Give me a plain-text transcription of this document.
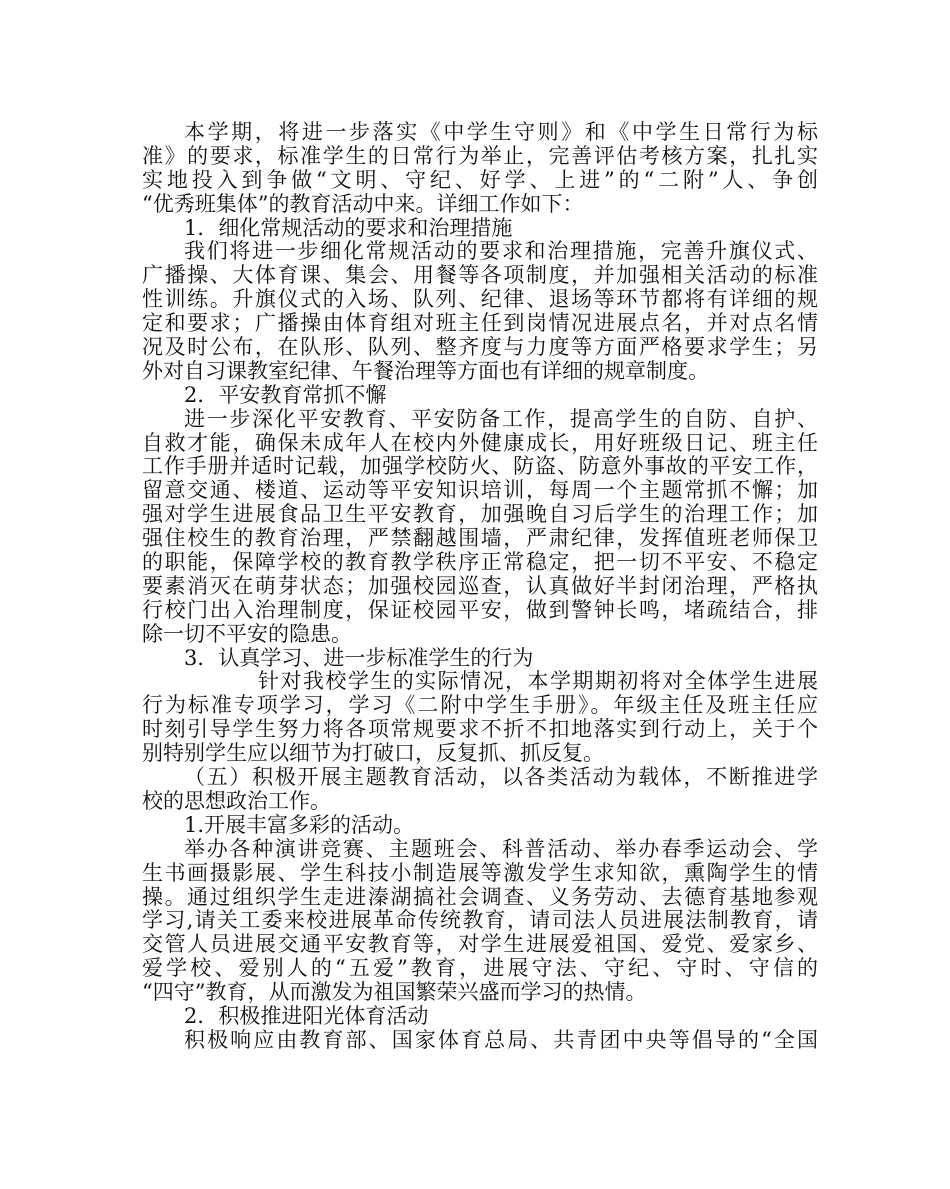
本学期，将进一步落实《中学生守则》和《中学生日常行为标
准》的要求，标准学生的日常行为举止，完善评估考核方案，扎扎实
实地投入到争做“文明、守纪、好学、上进”的“二附”人、争创
“优秀班集体”的教育活动中来。详细工作如下：
1．细化常规活动的要求和治理措施
我们将进一步细化常规活动的要求和治理措施，完善升旗仪式、
广播操、大体育课、集会、用餐等各项制度，并加强相关活动的标准
性训练。升旗仪式的入场、队列、纪律、退场等环节都将有详细的规
定和要求；广播操由体育组对班主任到岗情况进展点名，并对点名情
况及时公布，在队形、队列、整齐度与力度等方面严格要求学生；另
外对自习课教室纪律、午餐治理等方面也有详细的规章制度。
2．平安教育常抓不懈
进一步深化平安教育、平安防备工作，提高学生的自防、自护、
自救才能，确保未成年人在校内外健康成长，用好班级日记、班主任
工作手册并适时记载，加强学校防火、防盗、防意外事故的平安工作，
留意交通、楼道、运动等平安知识培训，每周一个主题常抓不懈；加
强对学生进展食品卫生平安教育，加强晚自习后学生的治理工作；加
强住校生的教育治理，严禁翻越围墙，严肃纪律，发挥值班老师保卫
的职能，保障学校的教育教学秩序正常稳定，把一切不平安、不稳定
要素消灭在萌芽状态；加强校园巡查，认真做好半封闭治理，严格执
行校门出入治理制度，保证校园平安，做到警钟长鸣，堵疏结合，排
除一切不平安的隐患。
3．认真学习、进一步标准学生的行为
针对我校学生的实际情况，本学期期初将对全体学生进展
行为标准专项学习，学习《二附中学生手册》。年级主任及班主任应
时刻引导学生努力将各项常规要求不折不扣地落实到行动上，关于个
别特别学生应以细节为打破口，反复抓、抓反复。
（五）积极开展主题教育活动，以各类活动为载体，不断推进学
校的思想政治工作。
1.开展丰富多彩的活动。
举办各种演讲竞赛、主题班会、科普活动、举办春季运动会、学
生书画摄影展、学生科技小制造展等激发学生求知欲，熏陶学生的情
操。通过组织学生走进溱湖搞社会调查、义务劳动、去德育基地参观
学习,请关工委来校进展革命传统教育，请司法人员进展法制教育，请
交管人员进展交通平安教育等，对学生进展爱祖国、爱党、爱家乡、
爱学校、爱别人的“五爱”教育，进展守法、守纪、守时、守信的
“四守”教育，从而激发为祖国繁荣兴盛而学习的热情。
2．积极推进阳光体育活动
积极响应由教育部、国家体育总局、共青团中央等倡导的“全国
